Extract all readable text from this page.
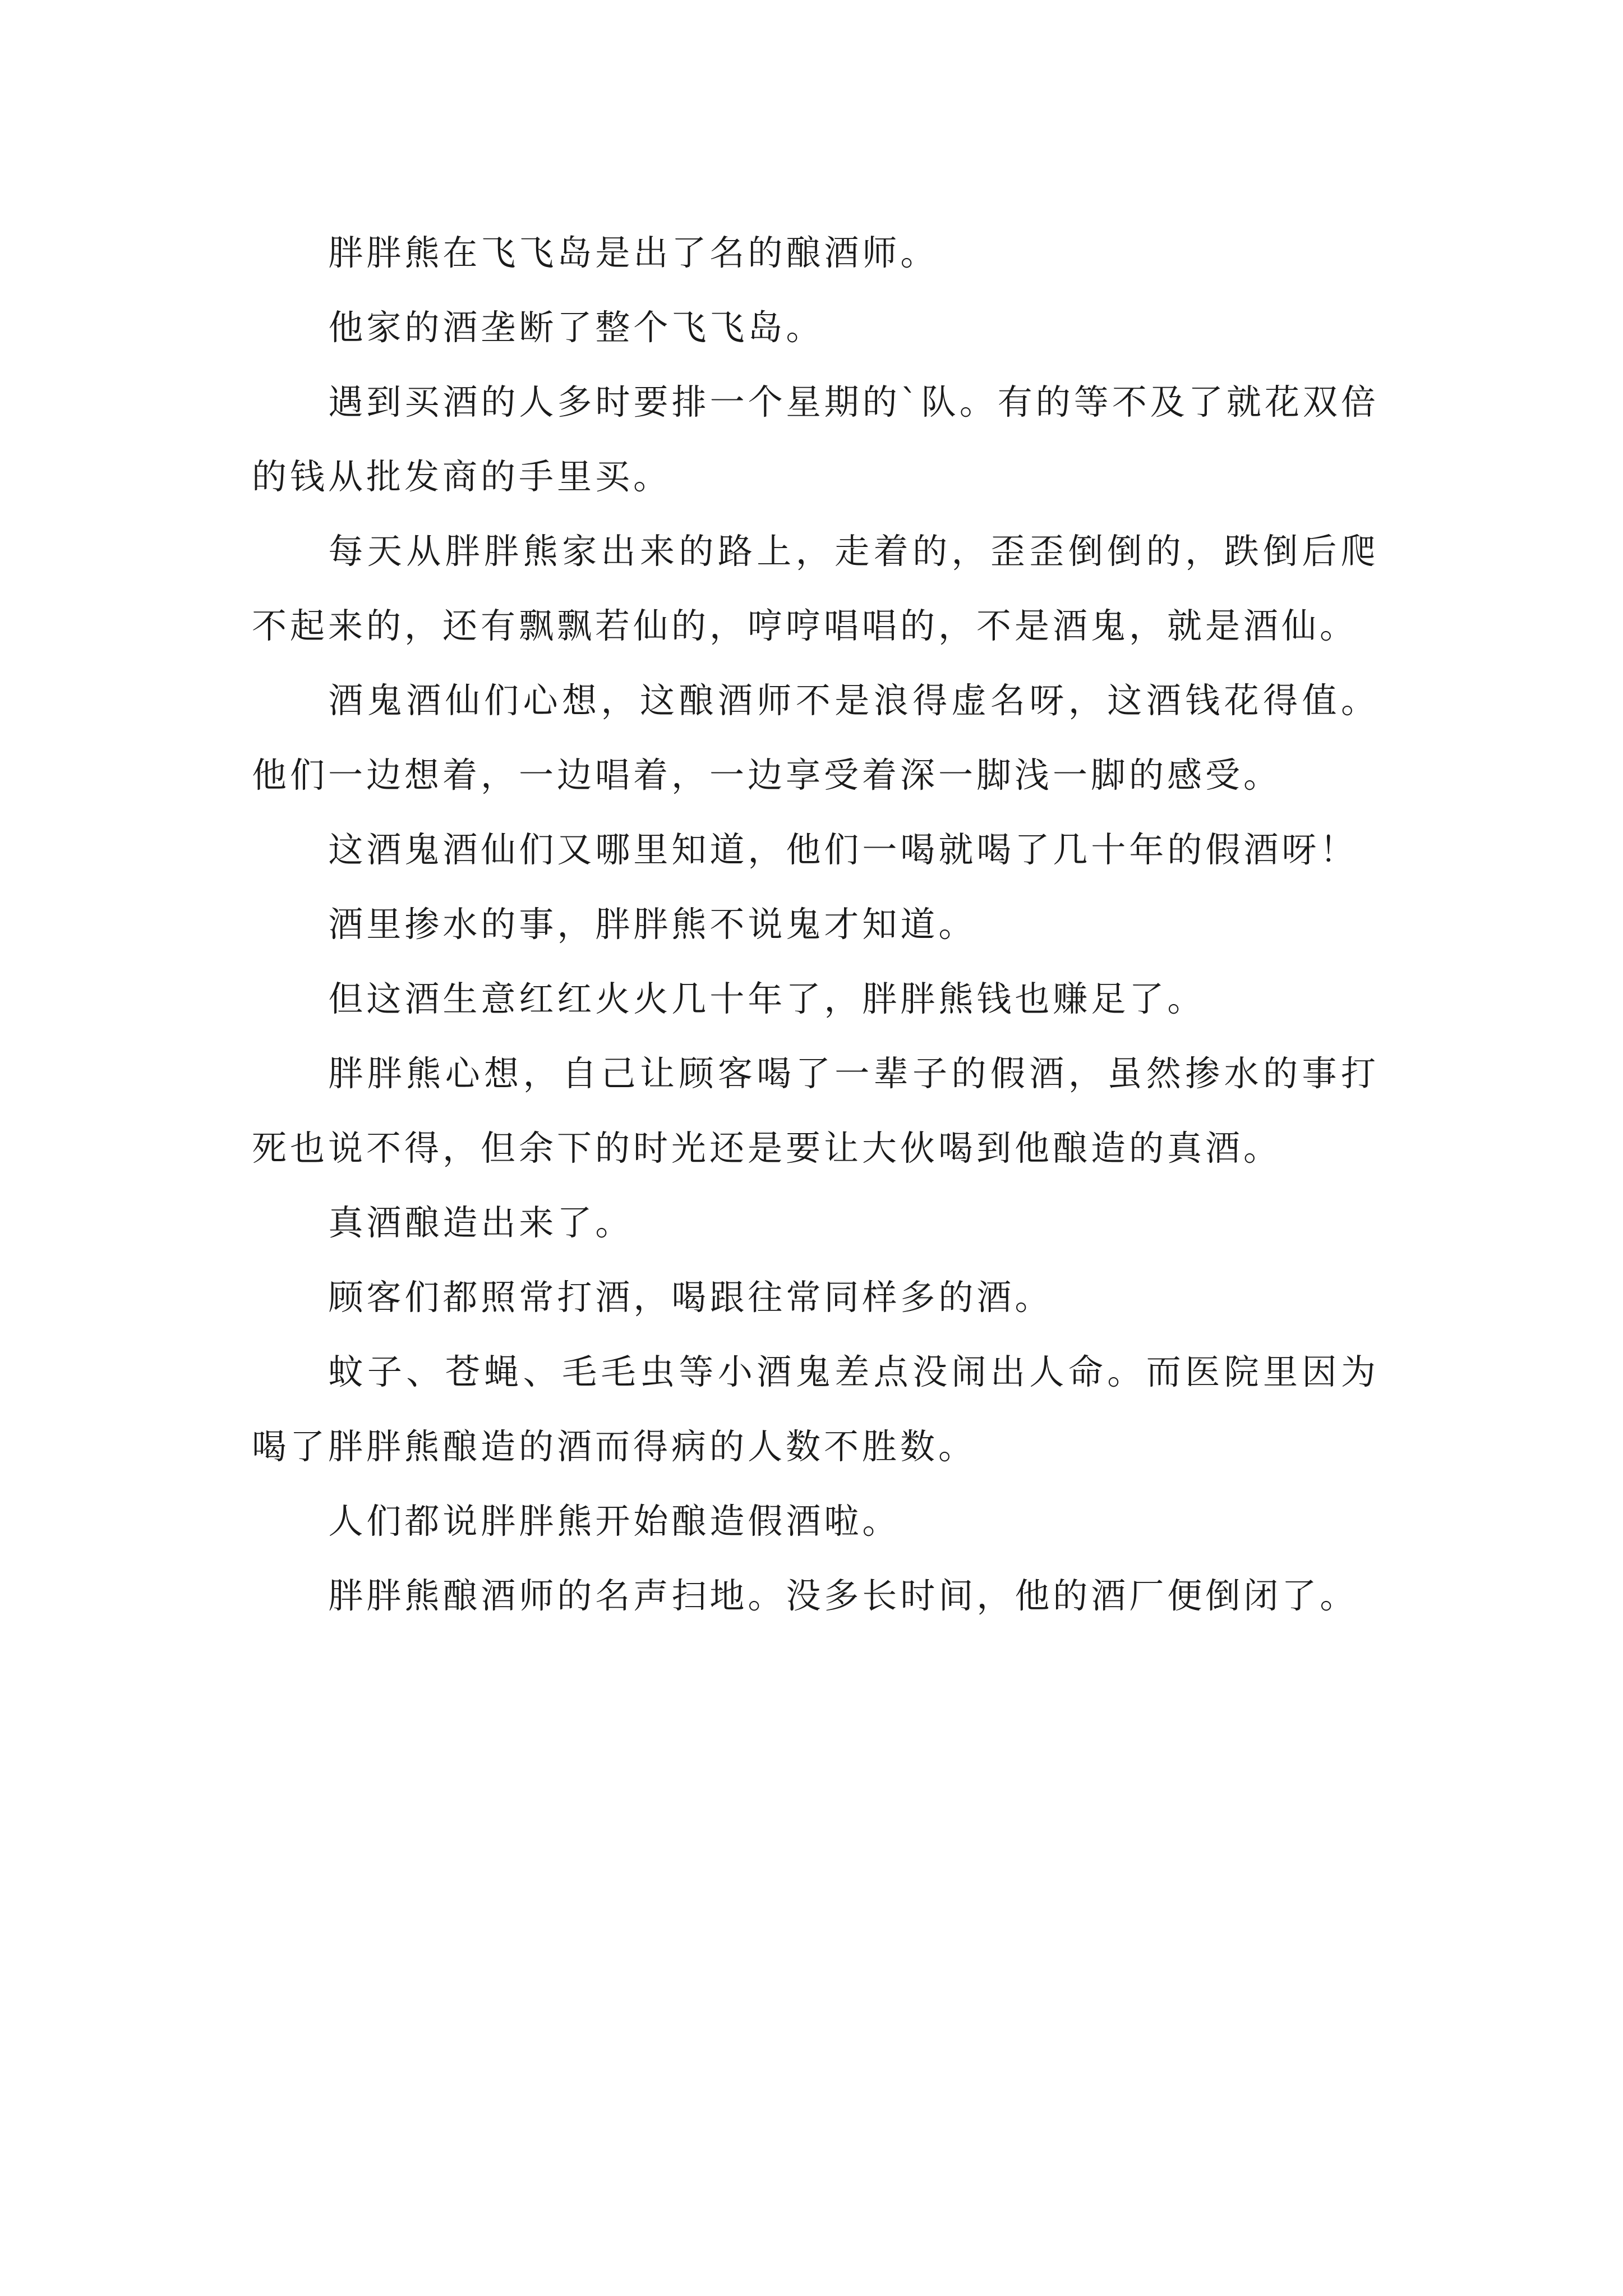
胖胖熊在飞飞岛是出了名的酿酒师。

他家的酒垄断了整个飞飞岛。

遇到买酒的人多时要排一个星期的`队。有的等不及了就花双倍的钱从批发商的手里买。

每天从胖胖熊家出来的路上，走着的，歪歪倒倒的，跌倒后爬不起来的，还有飘飘若仙的，哼哼唱唱的，不是酒鬼，就是酒仙。

酒鬼酒仙们心想，这酿酒师不是浪得虚名呀，这酒钱花得值。他们一边想着，一边唱着，一边享受着深一脚浅一脚的感受。

这酒鬼酒仙们又哪里知道，他们一喝就喝了几十年的假酒呀！

酒里掺水的事，胖胖熊不说鬼才知道。

但这酒生意红红火火几十年了，胖胖熊钱也赚足了。

胖胖熊心想，自己让顾客喝了一辈子的假酒，虽然掺水的事打死也说不得，但余下的时光还是要让大伙喝到他酿造的真酒。

真酒酿造出来了。

顾客们都照常打酒，喝跟往常同样多的酒。

蚊子、苍蝇、毛毛虫等小酒鬼差点没闹出人命。而医院里因为喝了胖胖熊酿造的酒而得病的人数不胜数。

人们都说胖胖熊开始酿造假酒啦。

胖胖熊酿酒师的名声扫地。没多长时间，他的酒厂便倒闭了。
